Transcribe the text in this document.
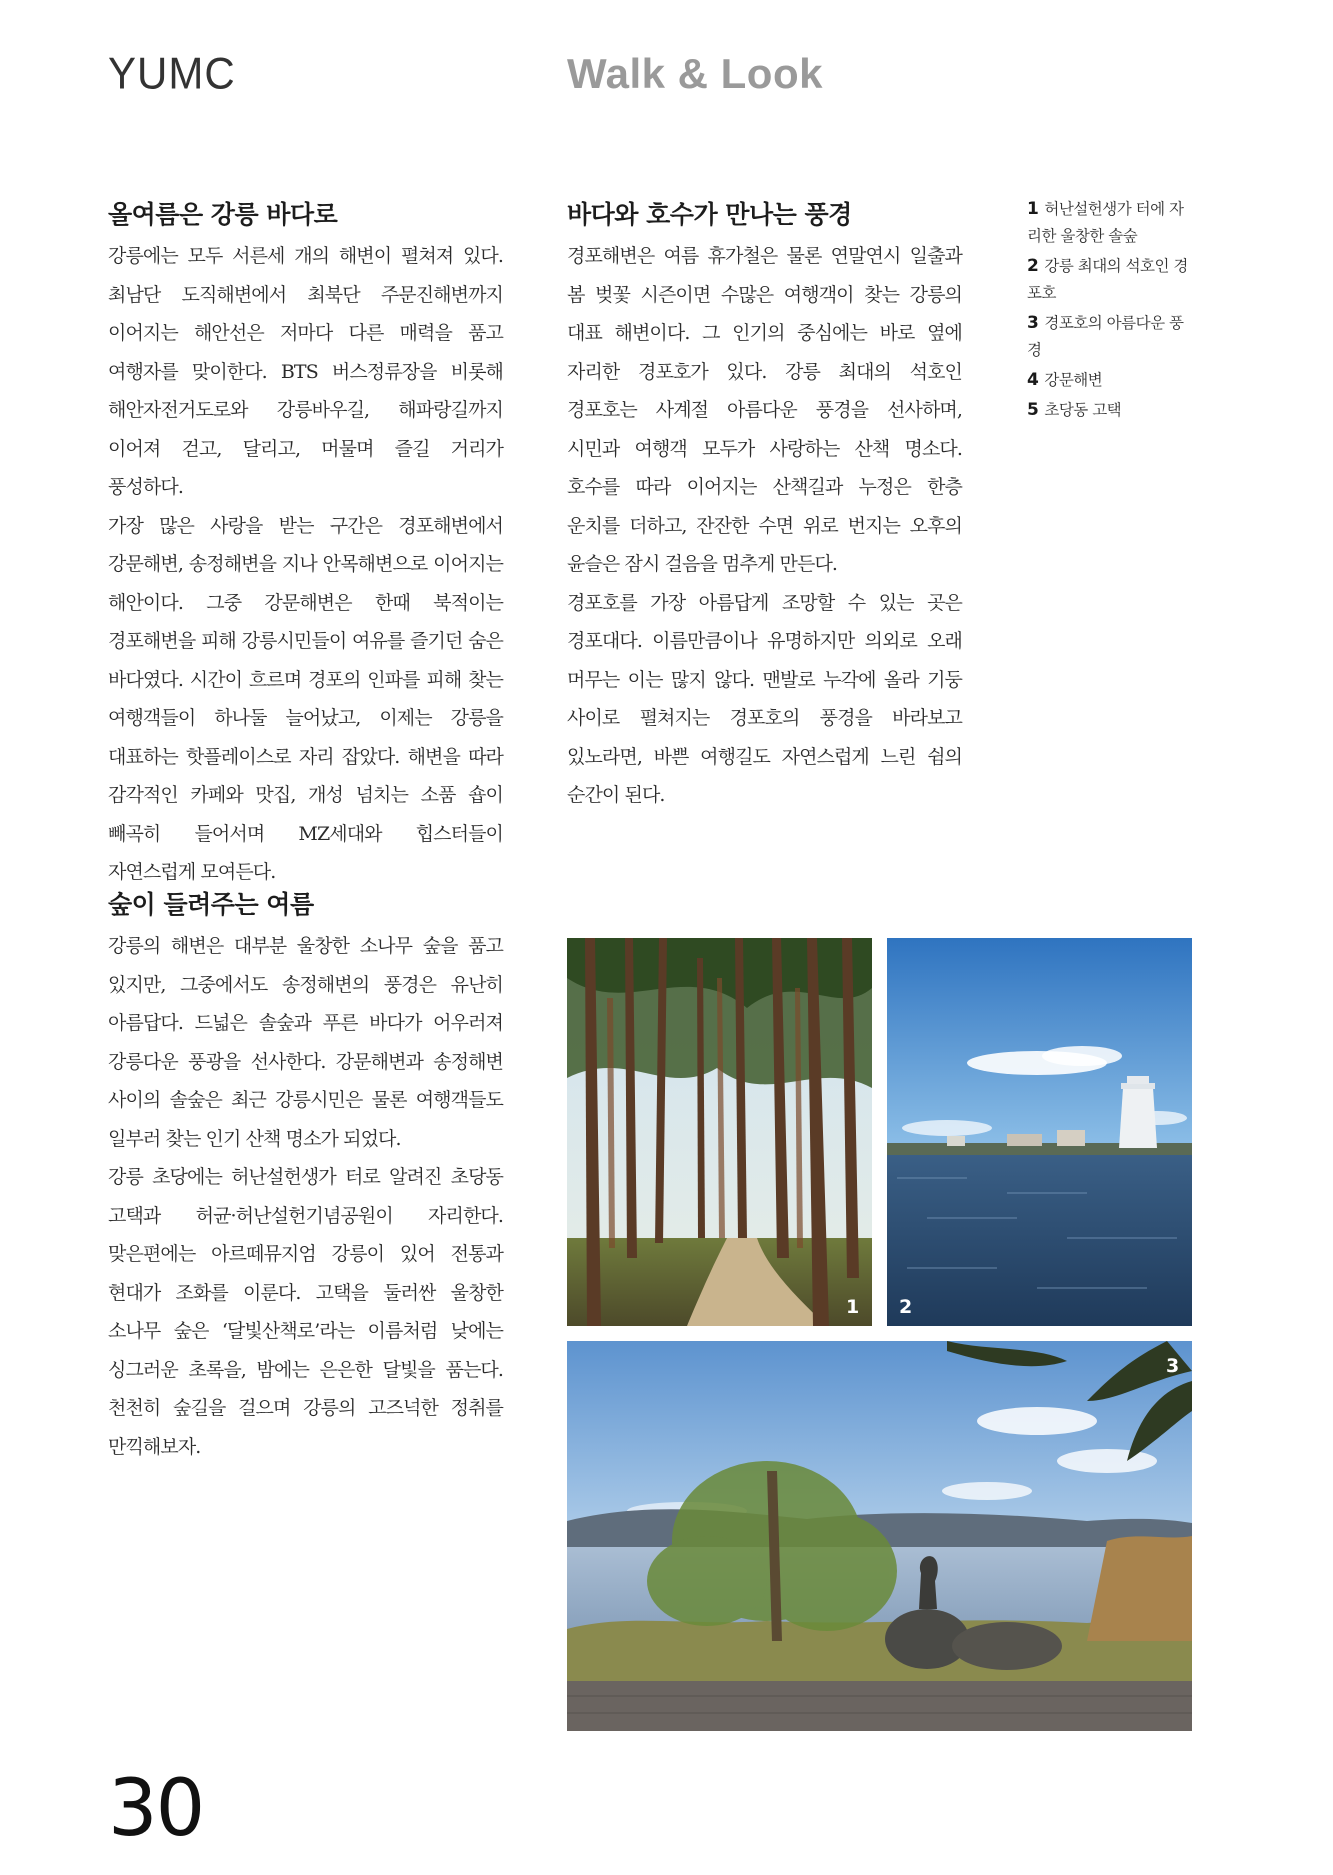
YUMC	Walk & Look
올여름은 강릉 바다로

강릉에는 모두 서른세 개의 해변이 펼쳐져 있다. 최남단 도직해변에서 최북단 주문진해변까지 이어지는 해안선은 저마다 다른 매력을 품고 여행자를 맞이한다. BTS 버스정류장을 비롯해 해안자전거도로와 강릉바우길, 해파랑길까지 이어져 걷고, 달리고, 머물며 즐길 거리가 풍성하다.

가장 많은 사랑을 받는 구간은 경포해변에서 강문해변, 송정해변을 지나 안목해변으로 이어지는 해안이다. 그중 강문해변은 한때 북적이는 경포해변을 피해 강릉시민들이 여유를 즐기던 숨은 바다였다. 시간이 흐르며 경포의 인파를 피해 찾는 여행객들이 하나둘 늘어났고, 이제는 강릉을 대표하는 핫플레이스로 자리 잡았다. 해변을 따라 감각적인 카페와 맛집, 개성 넘치는 소품 숍이 빼곡히 들어서며 MZ세대와 힙스터들이 자연스럽게 모여든다.

바다와 호수가 만나는 풍경

경포해변은 여름 휴가철은 물론 연말연시 일출과 봄 벚꽃 시즌이면 수많은 여행객이 찾는 강릉의 대표 해변이다. 그 인기의 중심에는 바로 옆에 자리한 경포호가 있다. 강릉 최대의 석호인 경포호는 사계절 아름다운 풍경을 선사하며, 시민과 여행객 모두가 사랑하는 산책 명소다. 호수를 따라 이어지는 산책길과 누정은 한층 운치를 더하고, 잔잔한 수면 위로 번지는 오후의 윤슬은 잠시 걸음을 멈추게 만든다.

경포호를 가장 아름답게 조망할 수 있는 곳은 경포대다. 이름만큼이나 유명하지만 의외로 오래 머무는 이는 많지 않다. 맨발로 누각에 올라 기둥 사이로 펼쳐지는 경포호의 풍경을 바라보고 있노라면, 바쁜 여행길도 자연스럽게 느린 쉼의 순간이 된다.

숲이 들려주는 여름

강릉의 해변은 대부분 울창한 소나무 숲을 품고 있지만, 그중에서도 송정해변의 풍경은 유난히 아름답다. 드넓은 솔숲과 푸른 바다가 어우러져 강릉다운 풍광을 선사한다. 강문해변과 송정해변 사이의 솔숲은 최근 강릉시민은 물론 여행객들도 일부러 찾는 인기 산책 명소가 되었다.

강릉 초당에는 허난설헌생가 터로 알려진 초당동 고택과 허균·허난설헌기념공원이 자리한다. 맞은편에는 아르떼뮤지엄 강릉이 있어 전통과 현대가 조화를 이룬다. 고택을 둘러싼 울창한 소나무 숲은 ‘달빛산책로’라는 이름처럼 낮에는 싱그러운 초록을, 밤에는 은은한 달빛을 품는다. 천천히 숲길을 걸으며 강릉의 고즈넉한 정취를 만끽해보자.

1 허난설헌생가 터에 자리한 울창한 솔숲
2 강릉 최대의 석호인 경포호
3 경포호의 아름다운 풍경
4 강문해변
5 초당동 고택
1 2
3
30
